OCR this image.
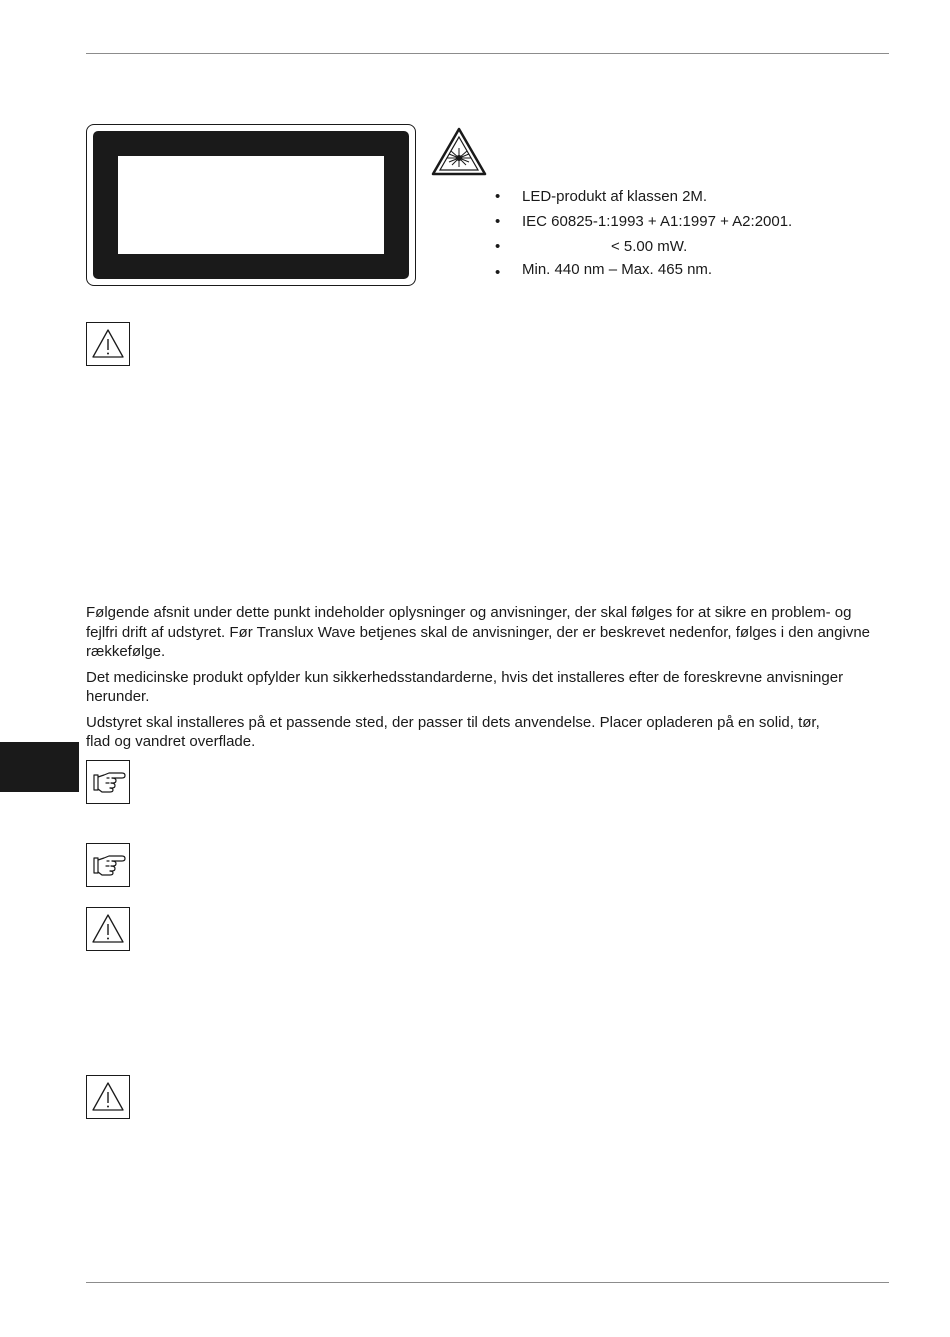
• LED-produkt af klassen 2M.
• IEC 60825-1:1993 + A1:1997 + A2:2001.
•	< 5.00 mW.
• Min. 440 nm – Max. 465 nm.

Følgende afsnit under dette punkt indeholder oplysninger og anvisninger, der skal følges for at sikre en problem- og fejlfri drift af udstyret. Før Translux Wave betjenes skal de anvisninger, der er beskrevet nedenfor, følges i den angivne rækkefølge.

Det medicinske produkt opfylder kun sikkerhedsstandarderne, hvis det installeres efter de foreskrevne anvisninger herunder.

Udstyret skal installeres på et passende sted, der passer til dets anvendelse. Placer opladeren på en solid, tør, flad og vandret overflade.
